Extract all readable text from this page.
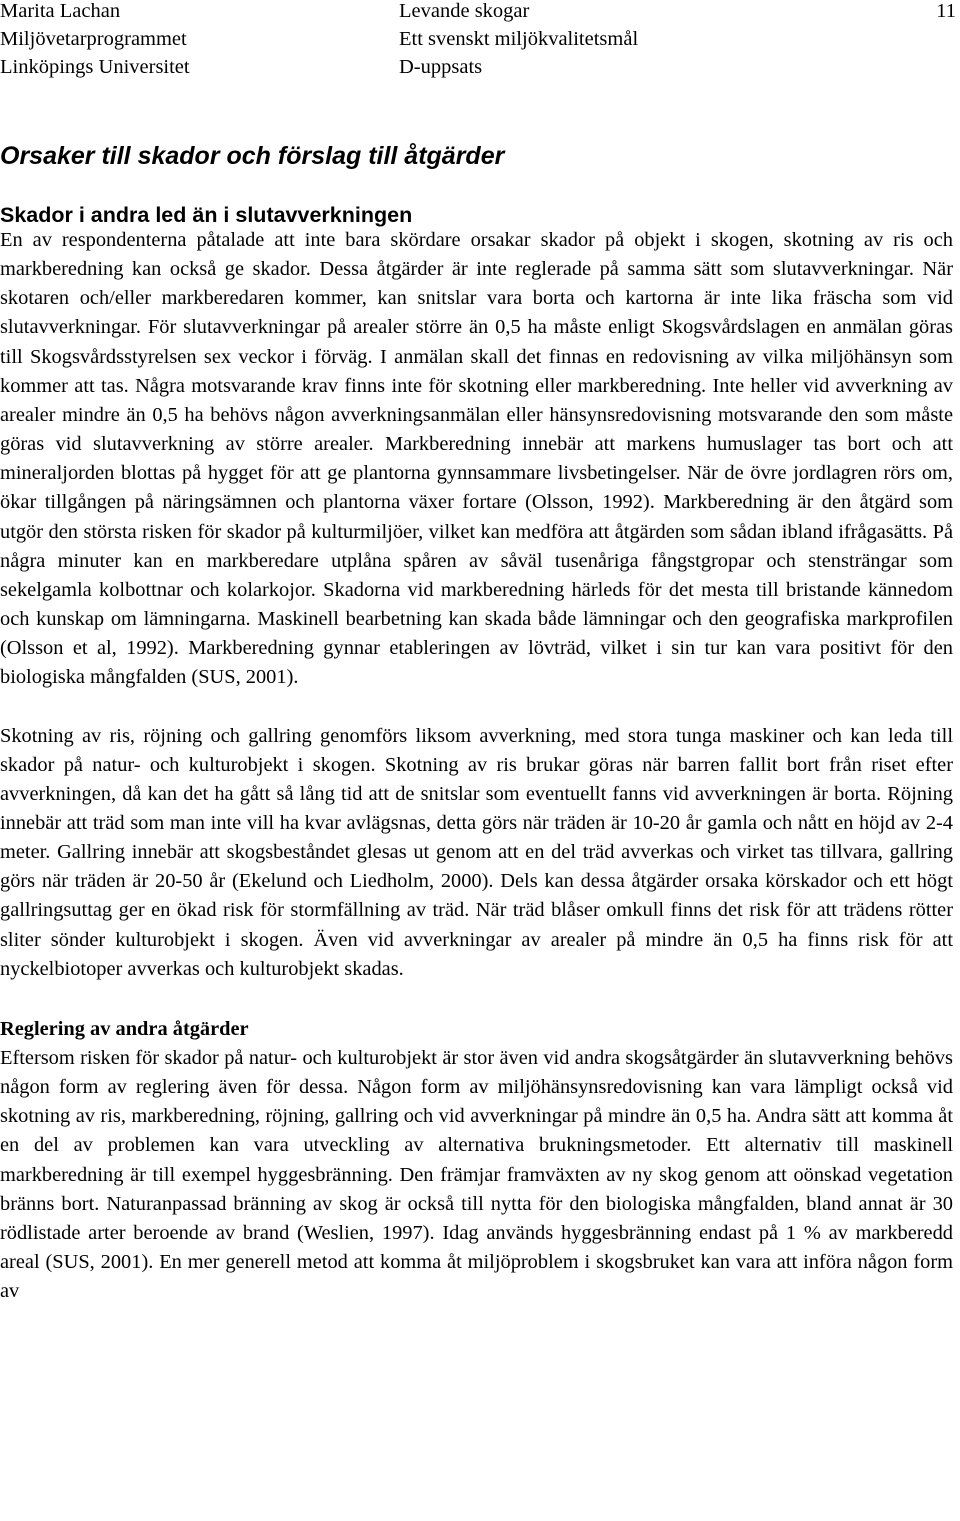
Marita Lachan
Miljövetarprogrammet
Linköpings Universitet
Levande skogar
Ett svenskt miljökvalitetsmål
D-uppsats
11
Orsaker till skador och förslag till åtgärder
Skador i andra led än i slutavverkningen

En av respondenterna påtalade att inte bara skördare orsakar skador på objekt i skogen, skotning av ris och markberedning kan också ge skador. Dessa åtgärder är inte reglerade på samma sätt som slutavverkningar. När skotaren och/eller markberedaren kommer, kan snitslar vara borta och kartorna är inte lika fräscha som vid slutavverkningar. För slutavverkningar på arealer större än 0,5 ha måste enligt Skogsvårdslagen en anmälan göras till Skogsvårdsstyrelsen sex veckor i förväg. I anmälan skall det finnas en redovisning av vilka miljöhänsyn som kommer att tas. Några motsvarande krav finns inte för skotning eller markberedning. Inte heller vid avverkning av arealer mindre än 0,5 ha behövs någon avverkningsanmälan eller hänsynsredovisning motsvarande den som måste göras vid slutavverkning av större arealer. Markberedning innebär att markens humuslager tas bort och att mineraljorden blottas på hygget för att ge plantorna gynnsammare livsbetingelser. När de övre jordlagren rörs om, ökar tillgången på näringsämnen och plantorna växer fortare (Olsson, 1992). Markberedning är den åtgärd som utgör den största risken för skador på kulturmiljöer, vilket kan medföra att åtgärden som sådan ibland ifrågasätts. På några minuter kan en markberedare utplåna spåren av såväl tusenåriga fångstgropar och stensträngar som sekelgamla kolbottnar och kolarkojor. Skadorna vid markberedning härleds för det mesta till bristande kännedom och kunskap om lämningarna. Maskinell bearbetning kan skada både lämningar och den geografiska markprofilen (Olsson et al, 1992). Markberedning gynnar etableringen av lövträd, vilket i sin tur kan vara positivt för den biologiska mångfalden (SUS, 2001).

Skotning av ris, röjning och gallring genomförs liksom avverkning, med stora tunga maskiner och kan leda till skador på natur- och kulturobjekt i skogen. Skotning av ris brukar göras när barren fallit bort från riset efter avverkningen, då kan det ha gått så lång tid att de snitslar som eventuellt fanns vid avverkningen är borta. Röjning innebär att träd som man inte vill ha kvar avlägsnas, detta görs när träden är 10-20 år gamla och nått en höjd av 2-4 meter. Gallring innebär att skogsbeståndet glesas ut genom att en del träd avverkas och virket tas tillvara, gallring görs när träden är 20-50 år (Ekelund och Liedholm, 2000). Dels kan dessa åtgärder orsaka körskador och ett högt gallringsuttag ger en ökad risk för stormfällning av träd. När träd blåser omkull finns det risk för att trädens rötter sliter sönder kulturobjekt i skogen. Även vid avverkningar av arealer på mindre än 0,5 ha finns risk för att nyckelbiotoper avverkas och kulturobjekt skadas.

Reglering av andra åtgärder

Eftersom risken för skador på natur- och kulturobjekt är stor även vid andra skogsåtgärder än slutavverkning behövs någon form av reglering även för dessa. Någon form av miljöhänsynsredovisning kan vara lämpligt också vid skotning av ris, markberedning, röjning, gallring och vid avverkningar på mindre än 0,5 ha. Andra sätt att komma åt en del av problemen kan vara utveckling av alternativa brukningsmetoder. Ett alternativ till maskinell markberedning är till exempel hyggesbränning. Den främjar framväxten av ny skog genom att oönskad vegetation bränns bort. Naturanpassad bränning av skog är också till nytta för den biologiska mångfalden, bland annat är 30 rödlistade arter beroende av brand (Weslien, 1997). Idag används hyggesbränning endast på 1 % av markberedd areal (SUS, 2001). En mer generell metod att komma åt miljöproblem i skogsbruket kan vara att införa någon form av
